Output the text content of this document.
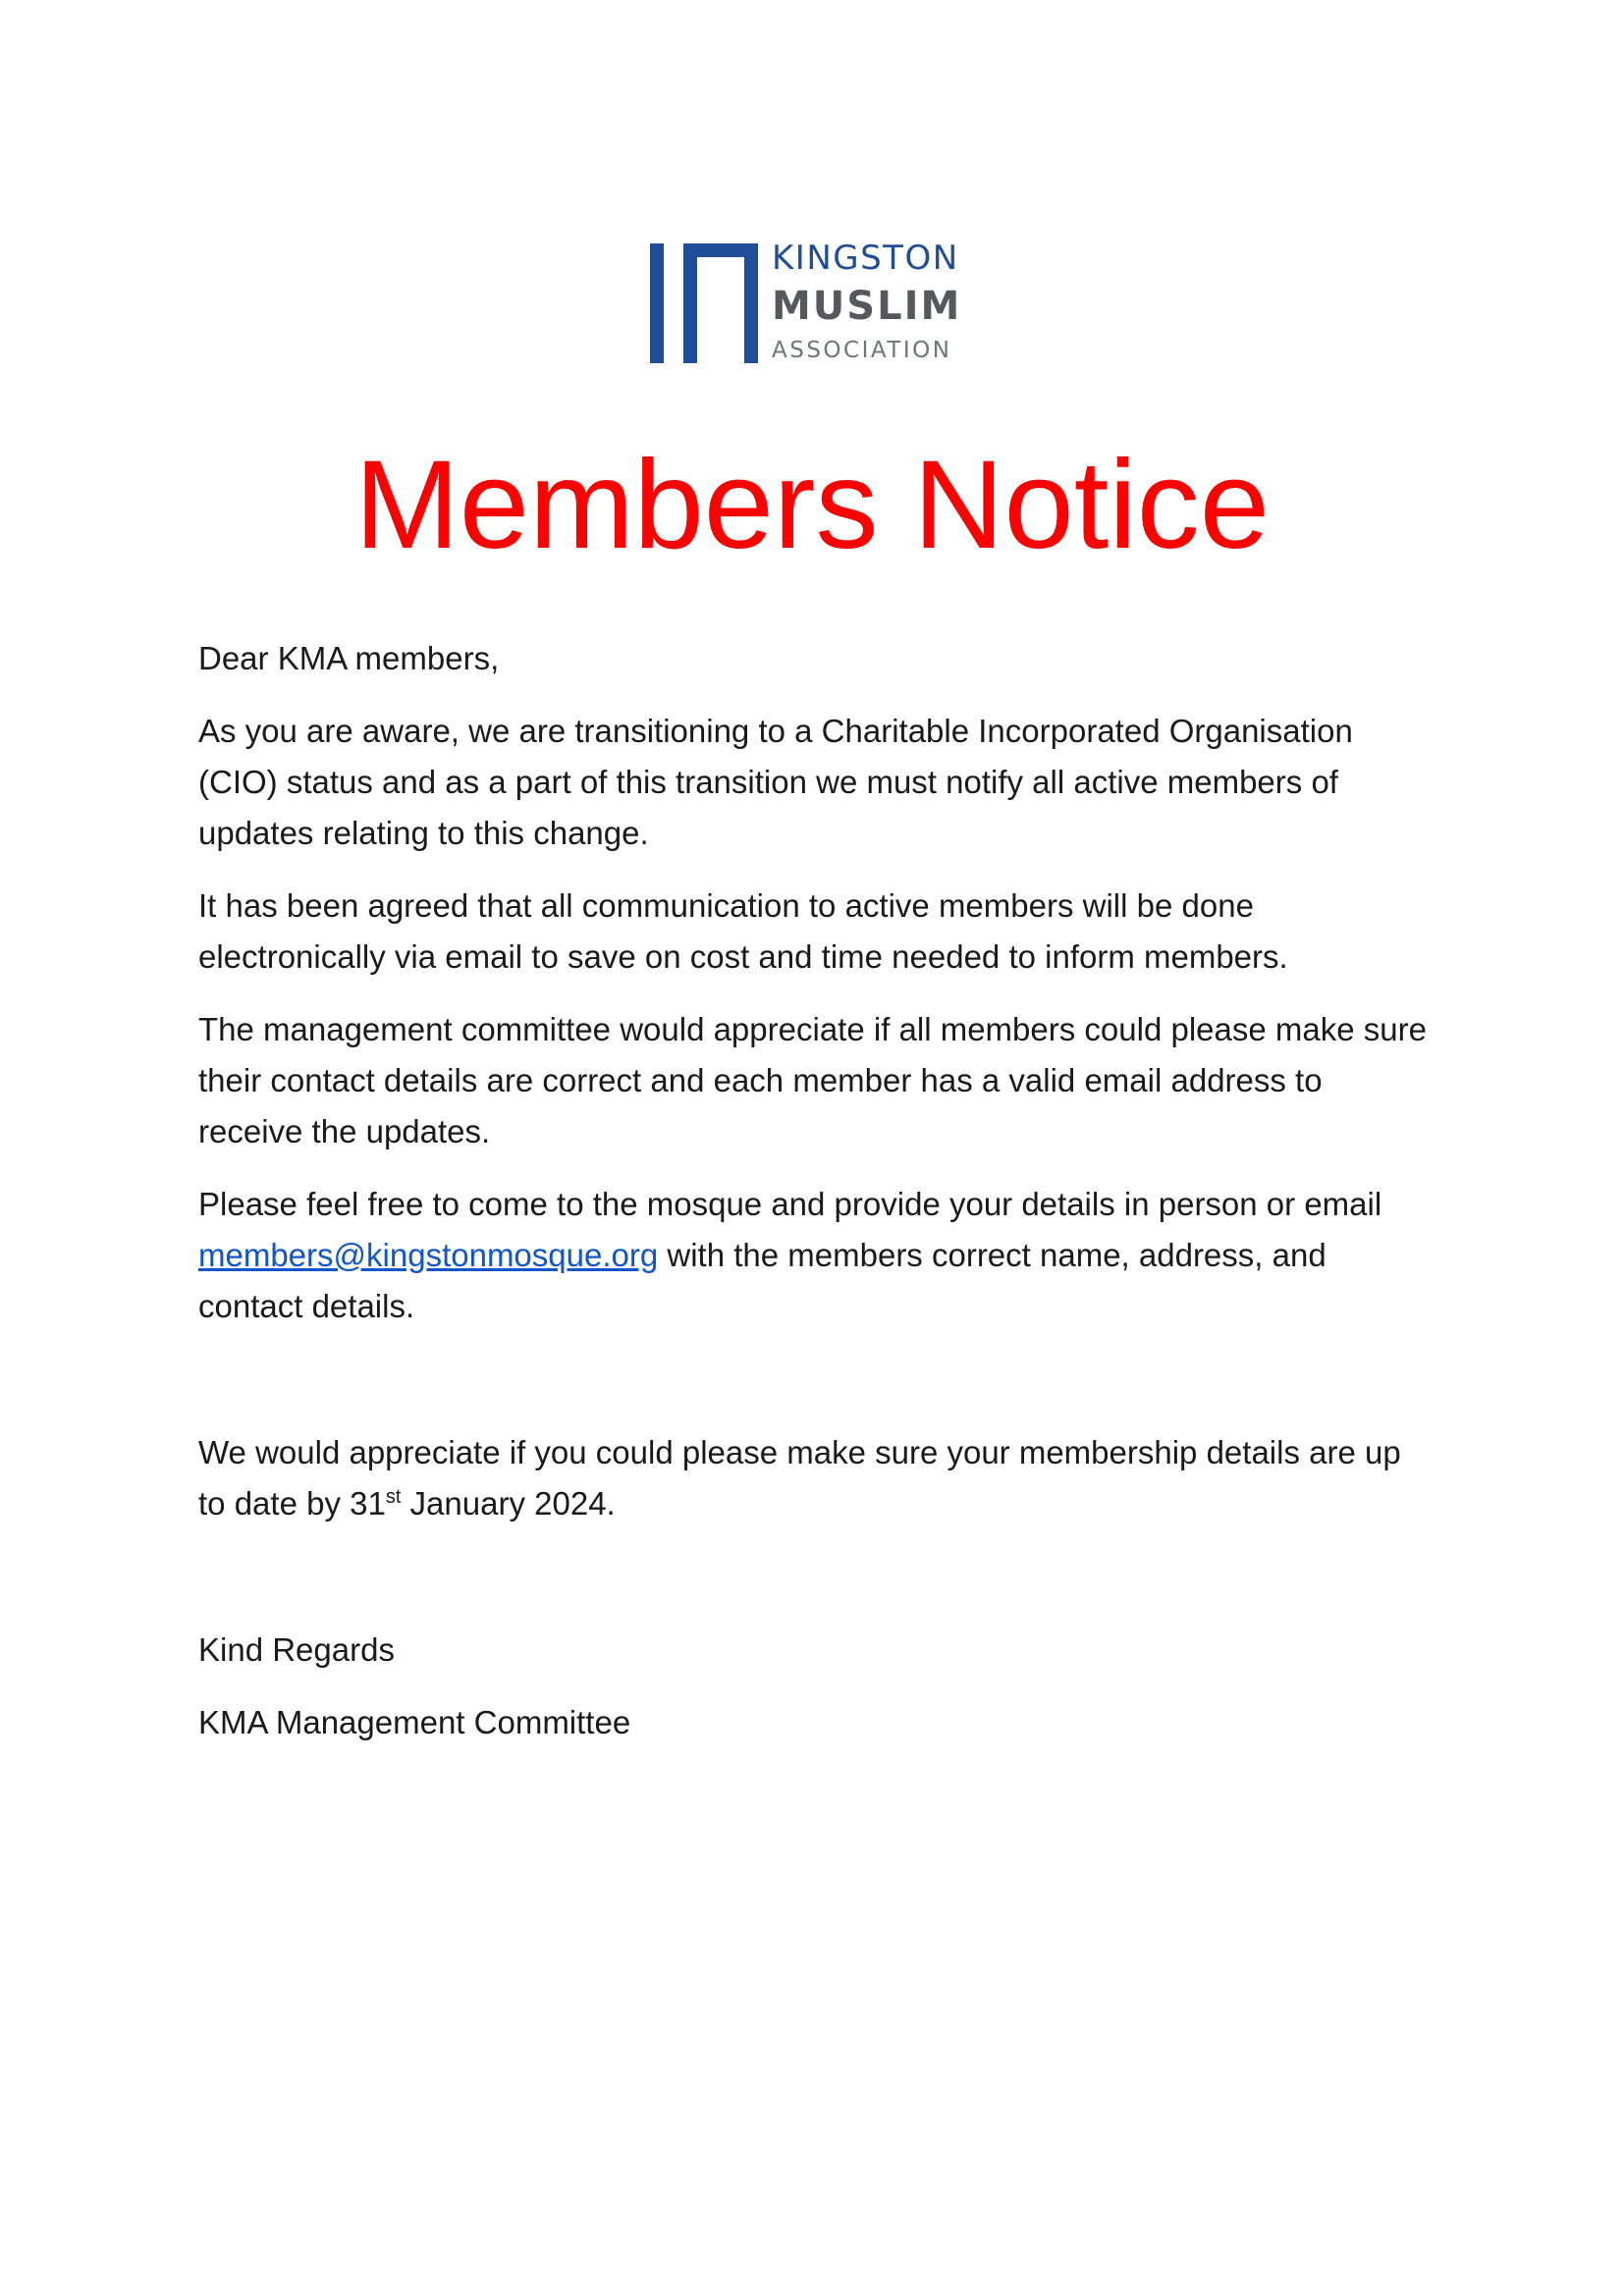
KINGSTON
MUSLIM
ASSOCIATION
Members Notice

Dear KMA members,

As you are aware, we are transitioning to a Charitable Incorporated Organisation (CIO) status and as a part of this transition we must notify all active members of updates relating to this change.

It has been agreed that all communication to active members will be done electronically via email to save on cost and time needed to inform members.

The management committee would appreciate if all members could please make sure their contact details are correct and each member has a valid email address to receive the updates.

Please feel free to come to the mosque and provide your details in person or email members@kingstonmosque.org with the members correct name, address, and contact details.

We would appreciate if you could please make sure your membership details are up to date by 31st January 2024.

Kind Regards

KMA Management Committee
